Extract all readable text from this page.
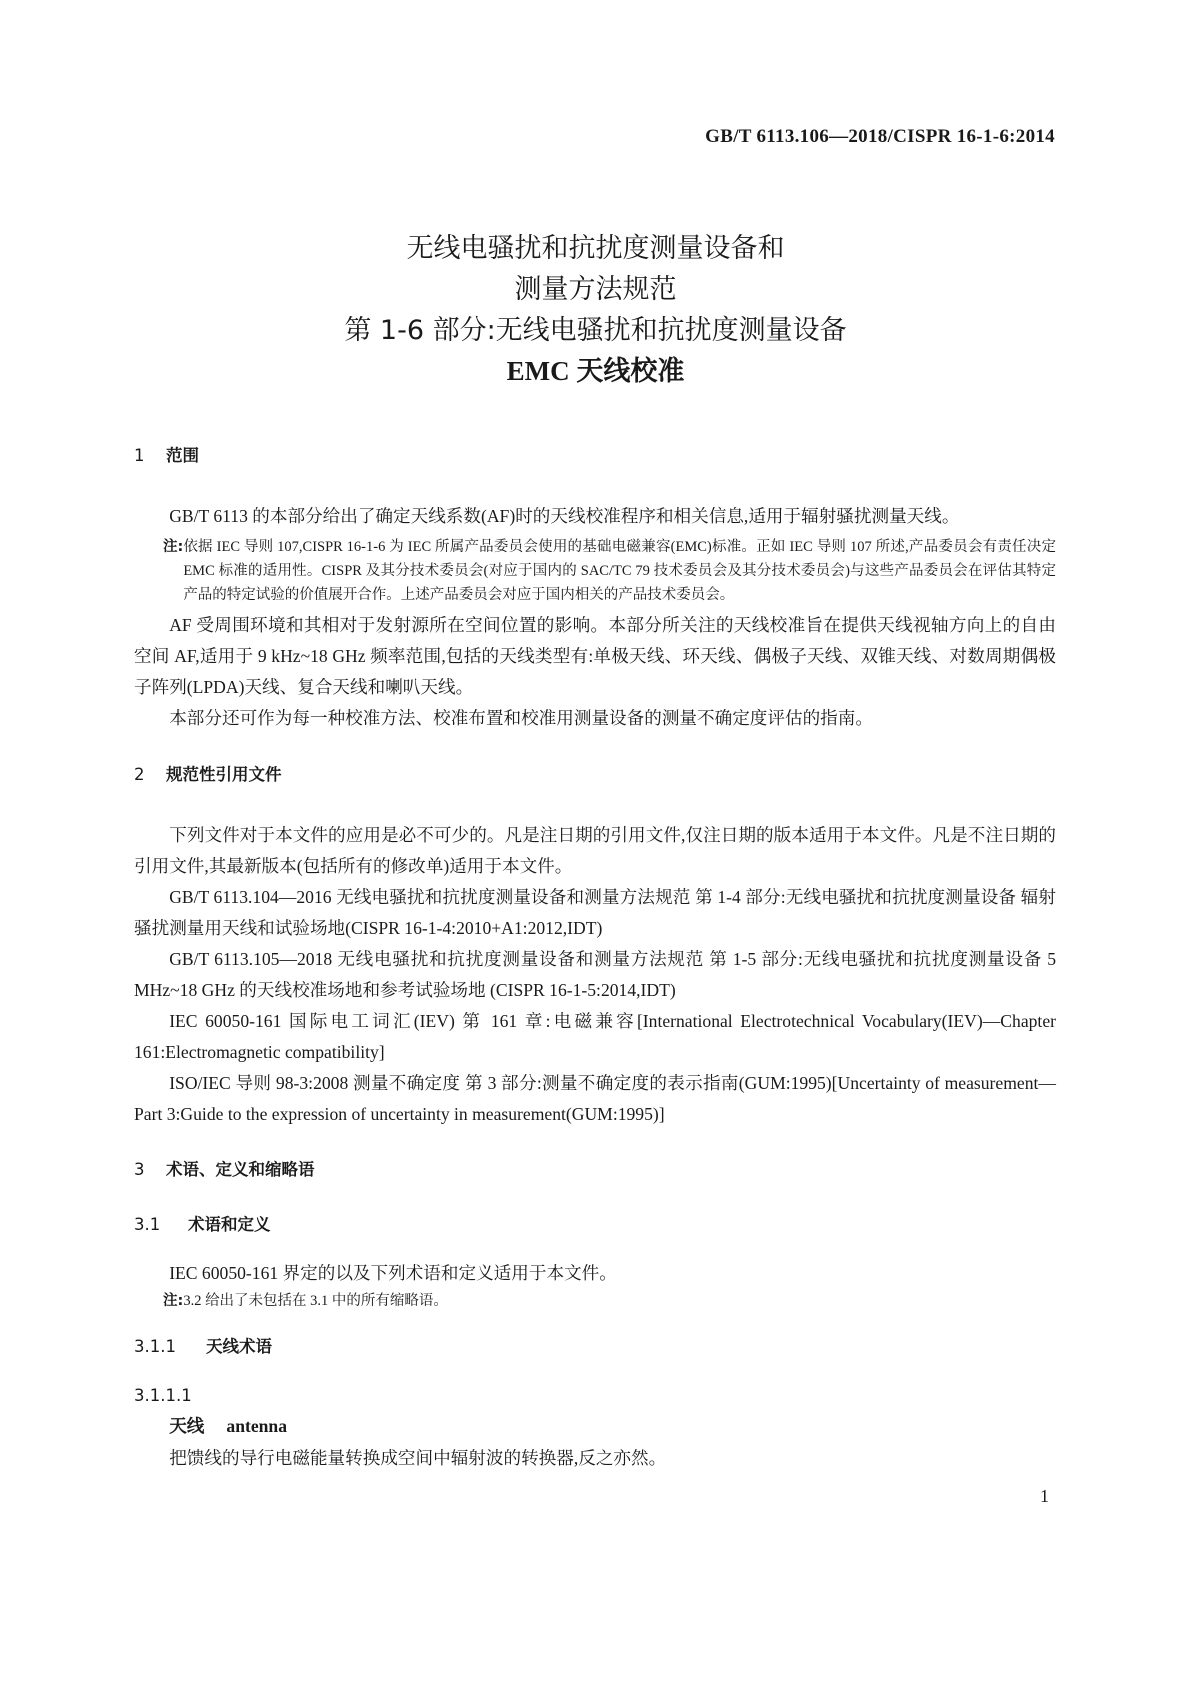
GB/T 6113.106—2018/CISPR 16-1-6:2014
无线电骚扰和抗扰度测量设备和
测量方法规范
第 1-6 部分:无线电骚扰和抗扰度测量设备
EMC 天线校准
1 范围

GB/T 6113 的本部分给出了确定天线系数(AF)时的天线校准程序和相关信息,适用于辐射骚扰测量天线。

注: 依据 IEC 导则 107,CISPR 16-1-6 为 IEC 所属产品委员会使用的基础电磁兼容(EMC)标准。正如 IEC 导则 107 所述,产品委员会有责任决定 EMC 标准的适用性。CISPR 及其分技术委员会(对应于国内的 SAC/TC 79 技术委员会及其分技术委员会)与这些产品委员会在评估其特定产品的特定试验的价值展开合作。上述产品委员会对应于国内相关的产品技术委员会。

AF 受周围环境和其相对于发射源所在空间位置的影响。本部分所关注的天线校准旨在提供天线视轴方向上的自由空间 AF,适用于 9 kHz~18 GHz 频率范围,包括的天线类型有:单极天线、环天线、偶极子天线、双锥天线、对数周期偶极子阵列(LPDA)天线、复合天线和喇叭天线。

本部分还可作为每一种校准方法、校准布置和校准用测量设备的测量不确定度评估的指南。

2 规范性引用文件

下列文件对于本文件的应用是必不可少的。凡是注日期的引用文件,仅注日期的版本适用于本文件。凡是不注日期的引用文件,其最新版本(包括所有的修改单)适用于本文件。

GB/T 6113.104—2016 无线电骚扰和抗扰度测量设备和测量方法规范 第 1-4 部分:无线电骚扰和抗扰度测量设备 辐射骚扰测量用天线和试验场地(CISPR 16-1-4:2010+A1:2012,IDT)

GB/T 6113.105—2018 无线电骚扰和抗扰度测量设备和测量方法规范 第 1-5 部分:无线电骚扰和抗扰度测量设备 5 MHz~18 GHz 的天线校准场地和参考试验场地 (CISPR 16-1-5:2014,IDT)

IEC 60050-161 国际电工词汇(IEV) 第 161 章:电磁兼容[International Electrotechnical Vocabulary(IEV)—Chapter 161:Electromagnetic compatibility]

ISO/IEC 导则 98-3:2008 测量不确定度 第 3 部分:测量不确定度的表示指南(GUM:1995)[Uncertainty of measurement—Part 3:Guide to the expression of uncertainty in measurement(GUM:1995)]

3 术语、定义和缩略语
3.1 术语和定义

IEC 60050-161 界定的以及下列术语和定义适用于本文件。

注:3.2 给出了未包括在 3.1 中的所有缩略语。
3.1.1 天线术语
3.1.1.1

天线 antenna

把馈线的导行电磁能量转换成空间中辐射波的转换器,反之亦然。

1
